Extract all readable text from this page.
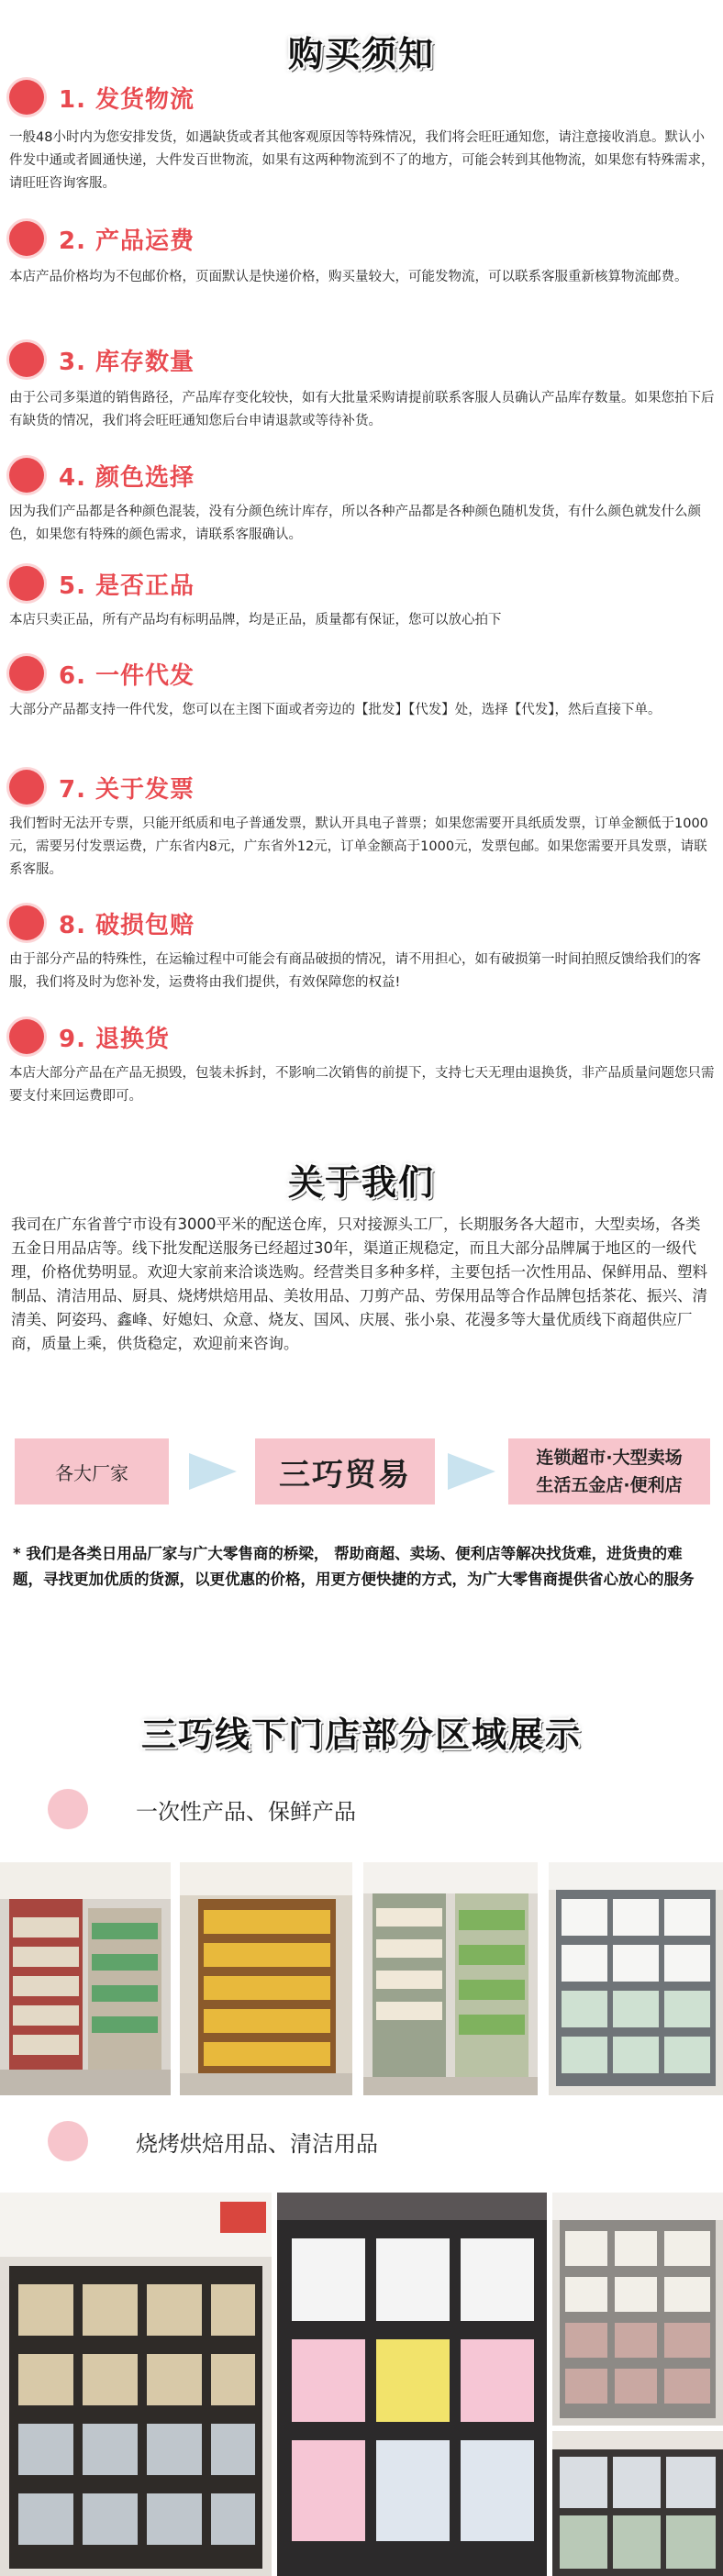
购买须知
1. 发货物流
一般48小时内为您安排发货，如遇缺货或者其他客观原因等特殊情况，我们将会旺旺通知您，请注意接收消息。默认小件发中通或者圆通快递，大件发百世物流，如果有这两种物流到不了的地方，可能会转到其他物流，如果您有特殊需求，请旺旺咨询客服。
2. 产品运费
本店产品价格均为不包邮价格，页面默认是快递价格，购买量较大，可能发物流，可以联系客服重新核算物流邮费。
3. 库存数量
由于公司多渠道的销售路径，产品库存变化较快，如有大批量采购请提前联系客服人员确认产品库存数量。如果您拍下后有缺货的情况，我们将会旺旺通知您后台申请退款或等待补货。
4. 颜色选择
因为我们产品都是各种颜色混装，没有分颜色统计库存，所以各种产品都是各种颜色随机发货，有什么颜色就发什么颜色，如果您有特殊的颜色需求，请联系客服确认。
5. 是否正品
本店只卖正品，所有产品均有标明品牌，均是正品，质量都有保证，您可以放心拍下
6. 一件代发
大部分产品都支持一件代发，您可以在主图下面或者旁边的【批发】【代发】处，选择【代发】，然后直接下单。
7. 关于发票
我们暂时无法开专票，只能开纸质和电子普通发票，默认开具电子普票；如果您需要开具纸质发票，订单金额低于1000元，需要另付发票运费，广东省内8元，广东省外12元，订单金额高于1000元，发票包邮。如果您需要开具发票，请联系客服。
8. 破损包赔
由于部分产品的特殊性，在运输过程中可能会有商品破损的情况，请不用担心，如有破损第一时间拍照反馈给我们的客服，我们将及时为您补发，运费将由我们提供，有效保障您的权益!
9. 退换货
本店大部分产品在产品无损毁，包装未拆封，不影响二次销售的前提下，支持七天无理由退换货，非产品质量问题您只需要支付来回运费即可。
关于我们
我司在广东省普宁市设有3000平米的配送仓库，只对接源头工厂，长期服务各大超市，大型卖场，各类五金日用品店等。线下批发配送服务已经超过30年，渠道正规稳定，而且大部分品牌属于地区的一级代理，价格优势明显。欢迎大家前来洽谈选购。经营类目多种多样，主要包括一次性用品、保鲜用品、塑料制品、清洁用品、厨具、烧烤烘焙用品、美妆用品、刀剪产品、劳保用品等合作品牌包括茶花、振兴、清清美、阿姿玛、鑫峰、好媳妇、众意、烧友、国风、庆展、张小泉、花漫多等大量优质线下商超供应厂商，质量上乘，供货稳定，欢迎前来咨询。
各大厂家	三巧贸易	连锁超市·大型卖场
生活五金店·便利店
* 我们是各类日用品厂家与广大零售商的桥梁， 帮助商超、卖场、便利店等解决找货难，进货贵的难题，寻找更加优质的货源，以更优惠的价格，用更方便快捷的方式，为广大零售商提供省心放心的服务
三巧线下门店部分区域展示
一次性产品、保鲜产品
烧烤烘焙用品、清洁用品
